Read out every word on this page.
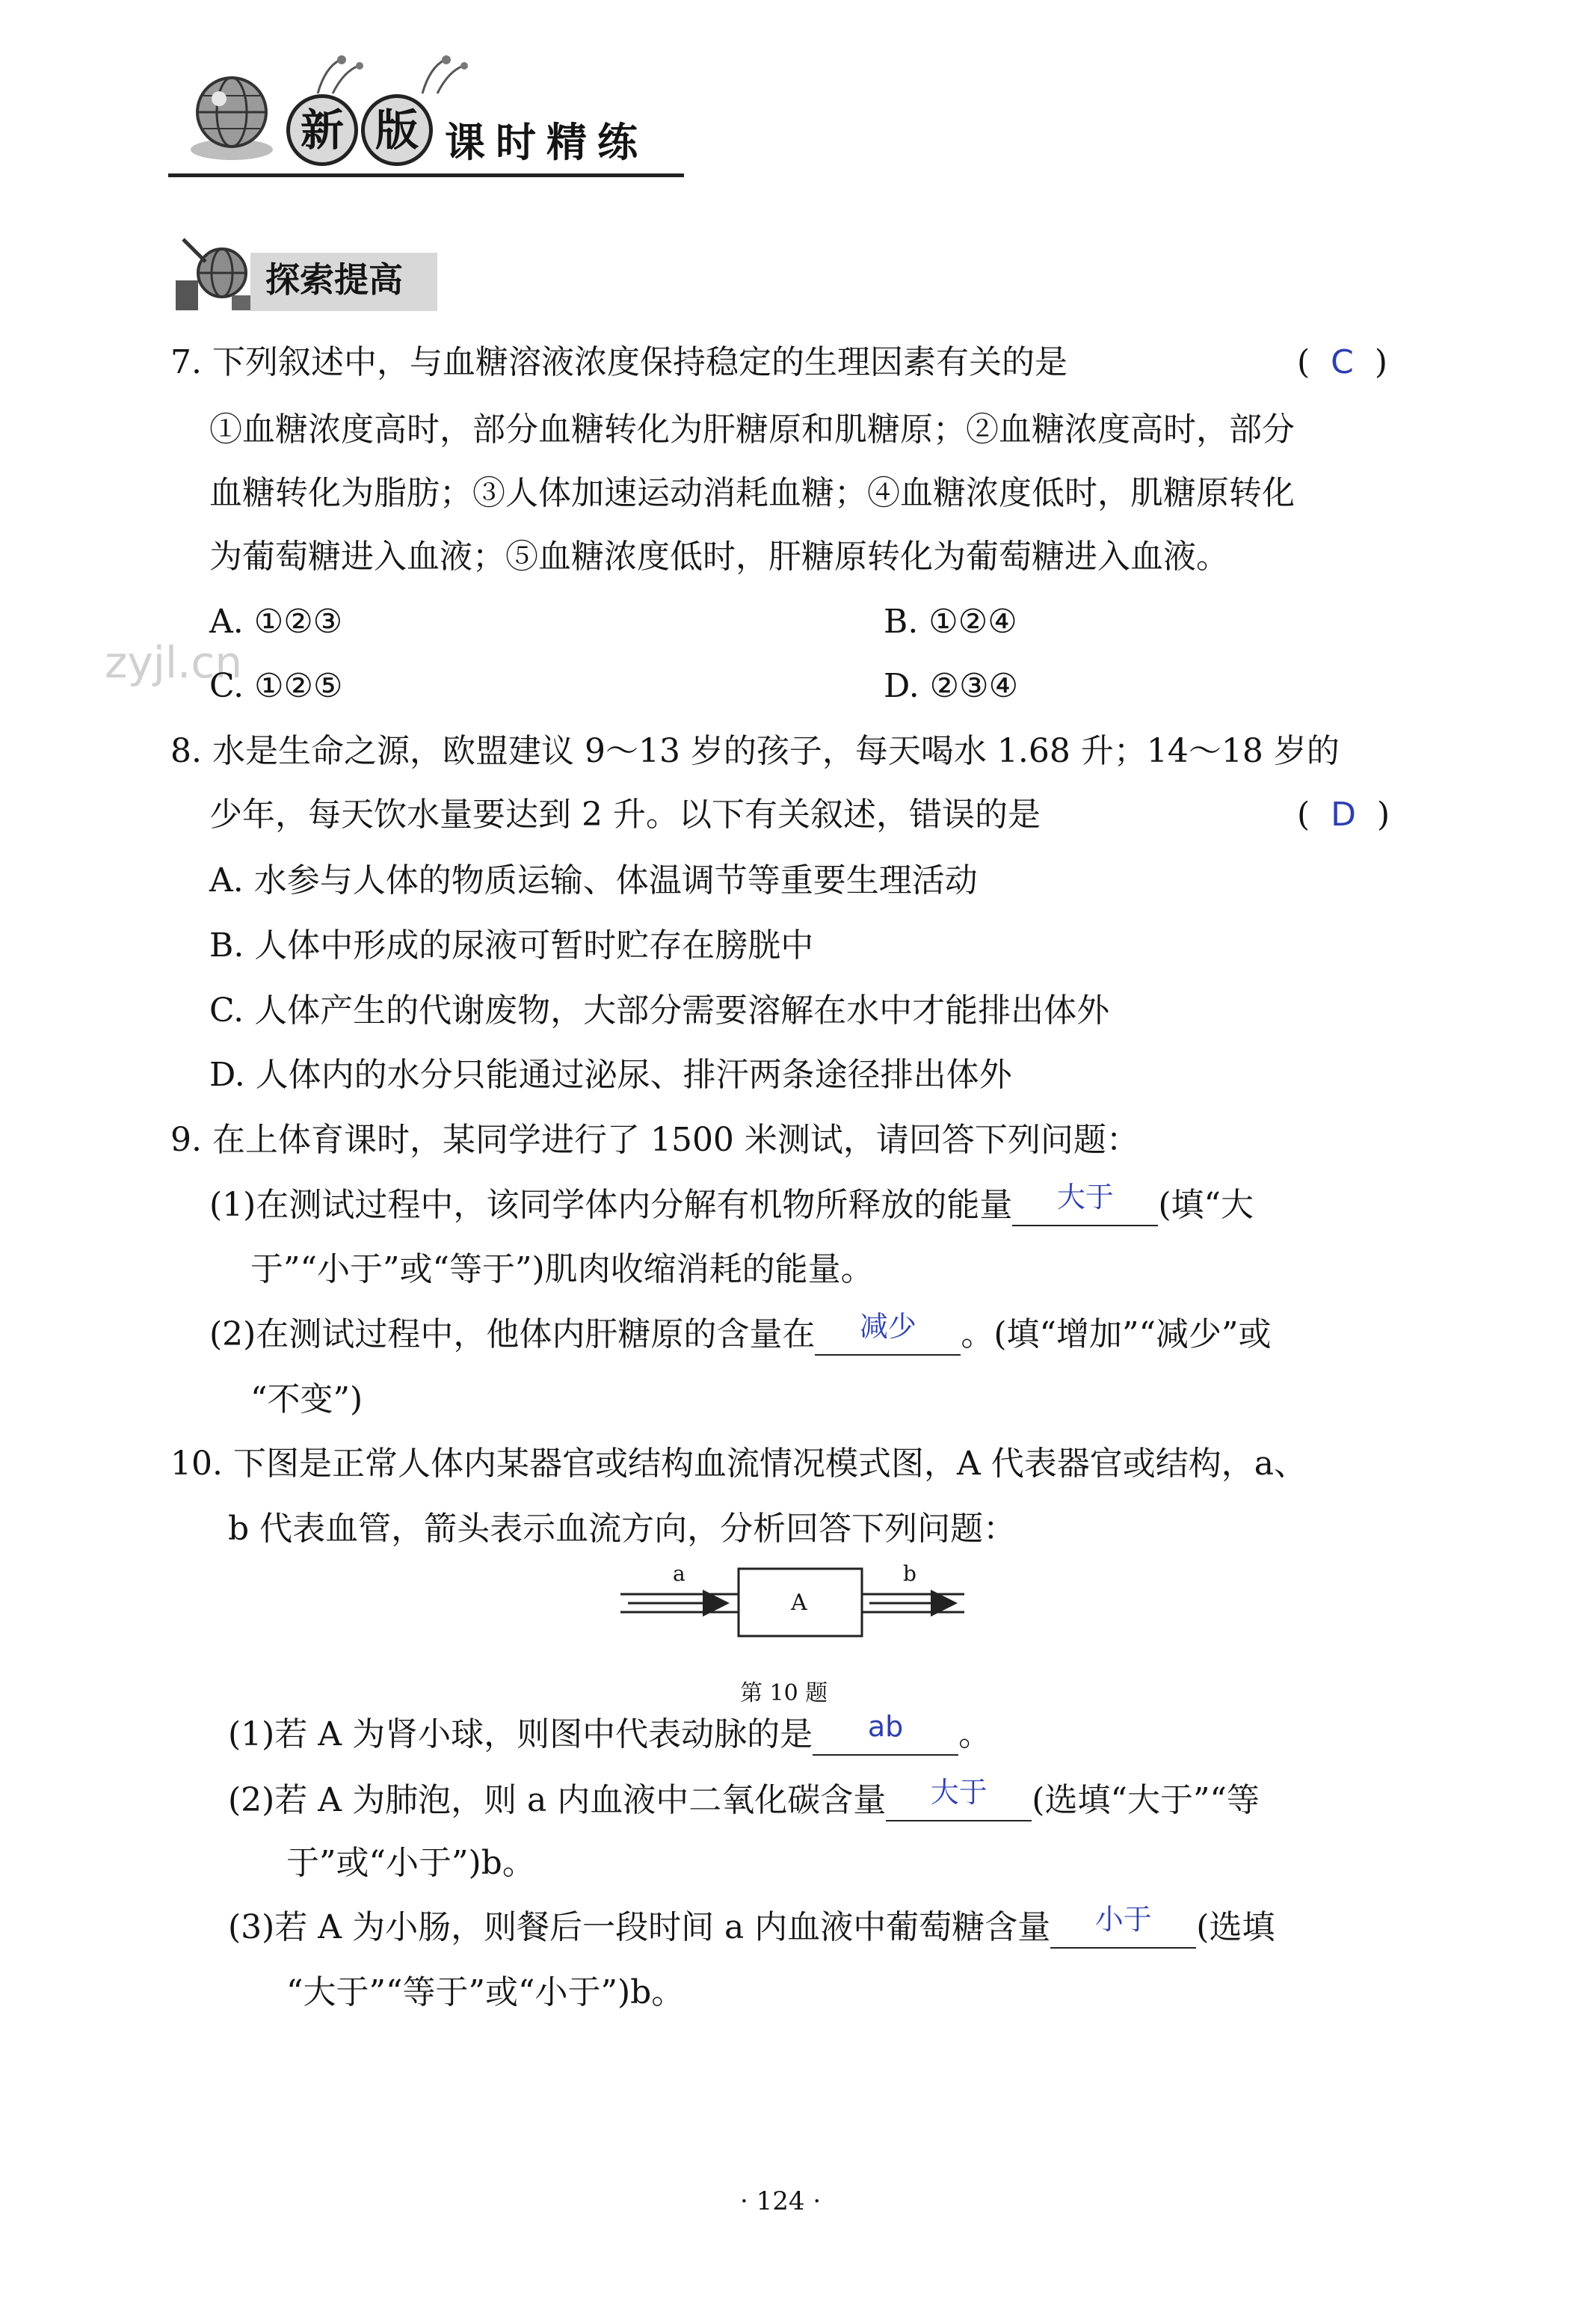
新 版 课时精练
探索提高
zyjl.cn
7. 下列叙述中，与血糖溶液浓度保持稳定的生理因素有关的是	(  C  )
①血糖浓度高时，部分血糖转化为肝糖原和肌糖原；②血糖浓度高时，部分
血糖转化为脂肪；③人体加速运动消耗血糖；④血糖浓度低时，肌糖原转化
为葡萄糖进入血液；⑤血糖浓度低时，肝糖原转化为葡萄糖进入血液。
A. ①②③	B. ①②④
C. ①②⑤	D. ②③④
8. 水是生命之源，欧盟建议 9～13 岁的孩子，每天喝水 1.68 升；14～18 岁的
少年，每天饮水量要达到 2 升。以下有关叙述，错误的是	(  D  )
A. 水参与人体的物质运输、体温调节等重要生理活动
B. 人体中形成的尿液可暂时贮存在膀胱中
C. 人体产生的代谢废物，大部分需要溶解在水中才能排出体外
D. 人体内的水分只能通过泌尿、排汗两条途径排出体外
9. 在上体育课时，某同学进行了 1500 米测试，请回答下列问题：
(1)在测试过程中，该同学体内分解有机物所释放的能量 大于 (填“大
于”“小于”或“等于”)肌肉收缩消耗的能量。
(2)在测试过程中，他体内肝糖原的含量在 减少 。(填“增加”“减少”或
“不变”)
10. 下图是正常人体内某器官或结构血流情况模式图，A 代表器官或结构，a、
b 代表血管，箭头表示血流方向，分析回答下列问题：
a	b
A
第 10 题
(1)若 A 为肾小球，则图中代表动脉的是 ab 。
(2)若 A 为肺泡，则 a 内血液中二氧化碳含量 大于 (选填“大于”“等
于”或“小于”)b。
(3)若 A 为小肠，则餐后一段时间 a 内血液中葡萄糖含量 小于 (选填
“大于”“等于”或“小于”)b。
· 124 ·
